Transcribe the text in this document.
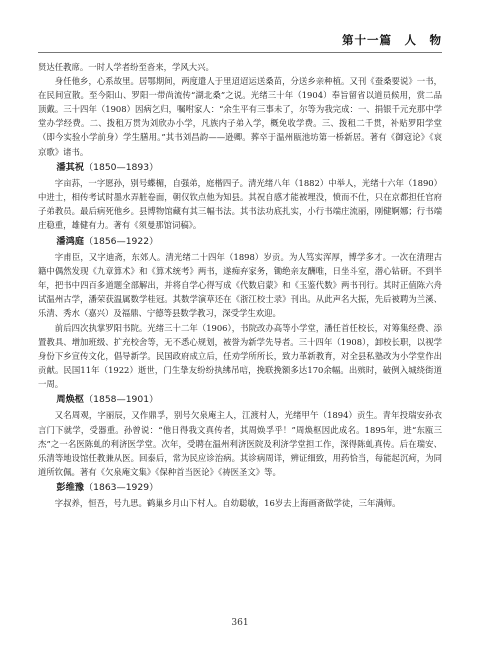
第十一篇　人　物

贤达任教席。一时人学者纷至沓来，学风大兴。

身任他乡，心系故里。居鄂期间，两度遣人于里迢迢运送桑苗，分送乡亲种植。又刊《蚕桑要说》一书，在民间宣散。至今阳山、罗阳一带尚流传“湖北桑”之说。光绪三十年（1904）奉旨留省以道员候用，赏二品顶戴。三十四年（1908）因病乞归，嘱咐家人：“余生平有三事未了，尔等为我完成：一、捐银千元充那中学堂办学经费。二、拨租万贯为刘欣办小学，凡族内子弟入学，概免收学费。三、拨租二千贯，补贴罗阳学堂（即今实验小学前身）学生膳用。”其书刘昌韵——逊卿。葬卒于温州瓯池坊第一桥新居。著有《御寇论》《哀京歌》诸书。

潘其祝（1850—1893）

字亩荪，一字愿孙，别号蝶楣，自强弟，庭楷四子。清光绪八年（1882）中举人，光绪十六年（1890）中进士，相传考试时墨水弄脏卷面，朝仅钦点他为知县。其祝自感才能被埋没，愤而不仕，只在京都担任官府子弟教员。最后病死他乡。县博物馆藏有其三幅书法。其书法功底扎实，小行书端庄流丽，刚健婀娜；行书端庄稳重，雄健有力。著有《须曼那馆词稿》。

潘鸿庭（1856—1922）

字甫臣，又字迪斋，东郊人。清光绪二十四年（1898）岁贡。为人笃实浑厚，博学多才。一次在清理古籍中偶然发现《九章算术》和《算术统考》两书，遂痴弃家务，锄绝亲友酬唯，日坐斗室，潜心钻研。不到半年，把书中四百多道题全部解出，并将自学心得写成《代数启蒙》和《玉鉴代数》两书刊行。其时正值陈六舟试温州古学，潘荣获温属数学桂冠。其数学演草还在《浙江校士录》刊出。从此声名大振，先后被聘为兰溪、乐清、秀水（嘉兴）及福鼎、宁德等县数学教习，深受学生欢迎。

前后四次执掌罗阳书院。光绪三十二年（1906），书院改办高等小学堂，潘任首任校长，对筹集经费、添置教具、增加班级、扩充校舍等，无不悉心规划，被誉为新学先导者。三十四年（1908），卸校长职，以视学身份下乡宣传文化，倡导新学。民国政府成立后，任劝学所所长，致力革新教育，对全县私塾改为小学堂作出贡献。民国11年（1922）逝世，门生挚友纷纷执绋吊唁，挽联挽额多达170余幅。出殡时，破例入城绕街道一周。

周焕枢（1858—1901）

又名周观，字丽辰，又作鼎孚，别号欠泉庵主人，江渡村人，光绪甲午（1894）贡生。青年投瑞安孙衣言门下就学，受器重。孙曾说：“他日得我文真传者，其周焕孚乎！”周焕枢因此成名。1895年，进“东瓯三杰”之一名医陈虬的利济医学堂。次年，受聘在温州利济医院及利济学堂担工作，深得陈虬真传。后在瑞安、乐清等地设馆任教兼从医。回泰后，常为民应诊治病。其诊病周详，辨证细致，用药恰当，每能起沉疴，为同道所钦佩。著有《欠泉庵文集》《保种首当医论》《祷医圣文》等。

彭维豫（1863—1929）

字叔养，恒吾，号九思。鹤巢乡月山下村人。自幼聪敏，16岁去上海画斋做学徒，三年满师。

361
